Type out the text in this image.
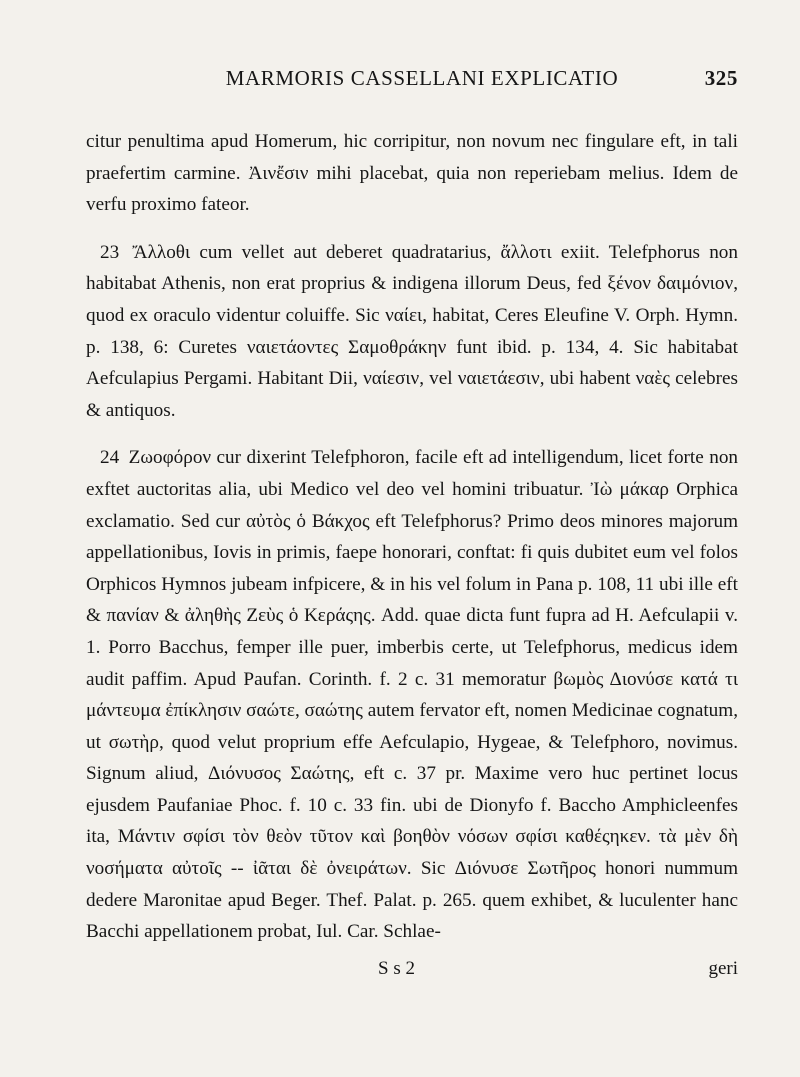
MARMORIS CASSELLANI EXPLICATIO	325

citur penultima apud Homerum, hic corripitur, non novum nec fingulare eft, in tali praefertim carmine. Ἀινἔσιν mihi placebat, quia non reperiebam melius. Idem de verfu proximo fateor.

23 Ἄλλοθι cum vellet aut deberet quadratarius, ἄλλοτι exiit. Telefphorus non habitabat Athenis, non erat proprius & indigena illorum Deus, fed ξένον δαιμόνιον, quod ex oraculo videntur coluiffe. Sic ναίει, habitat, Ceres Eleufine V. Orph. Hymn. p. 138, 6: Curetes ναιετάοντες Σαμοθράκην funt ibid. p. 134, 4. Sic habitabat Aefculapius Pergami. Habitant Dii, ναίεσιν, vel ναιετάεσιν, ubi habent ναὲς celebres & antiquos.

24 Ζωοφόρον cur dixerint Telefphoron, facile eft ad intelligendum, licet forte non exftet auctoritas alia, ubi Medico vel deo vel homini tribuatur. Ἰὼ μάκαρ Orphica exclamatio. Sed cur αὐτὸς ὁ Βάκχος eft Telefphorus? Primo deos minores majorum appellationibus, Iovis in primis, faepe honorari, conftat: fi quis dubitet eum vel folos Orphicos Hymnos jubeam infpicere, & in his vel folum in Pana p. 108, 11 ubi ille eft & πανίαν & ἀληθὴς Ζεὺς ὁ Κεράςης. Add. quae dicta funt fupra ad H. Aefculapii v. 1. Porro Bacchus, femper ille puer, imberbis certe, ut Telefphorus, medicus idem audit paffim. Apud Paufan. Corinth. f. 2 c. 31 memoratur βωμὸς Διονύσε κατά τι μάντευμα ἐπίκλησιν σαώτε, σαώτης autem fervator eft, nomen Medicinae cognatum, ut σωτὴρ, quod velut proprium effe Aefculapio, Hygeae, & Telefphoro, novimus. Signum aliud, Διόνυσος Σαώτης, eft c. 37 pr. Maxime vero huc pertinet locus ejusdem Paufaniae Phoc. f. 10 c. 33 fin. ubi de Dionyfo f. Baccho Amphicleenfes ita, Μάντιν σφίσι τὸν θεὸν τῦτον καὶ βοηθὸν νόσων σφίσι καθέςηκεν. τὰ μὲν δὴ νοσήματα αὐτοῖς -- ἰᾶται δὲ ὀνειράτων. Sic Διόνυσε Σωτῆρος honori nummum dedere Maronitae apud Beger. Thef. Palat. p. 265. quem exhibet, & luculenter hanc Bacchi appellationem probat, Iul. Car. Schlae-

S s 2	geri
